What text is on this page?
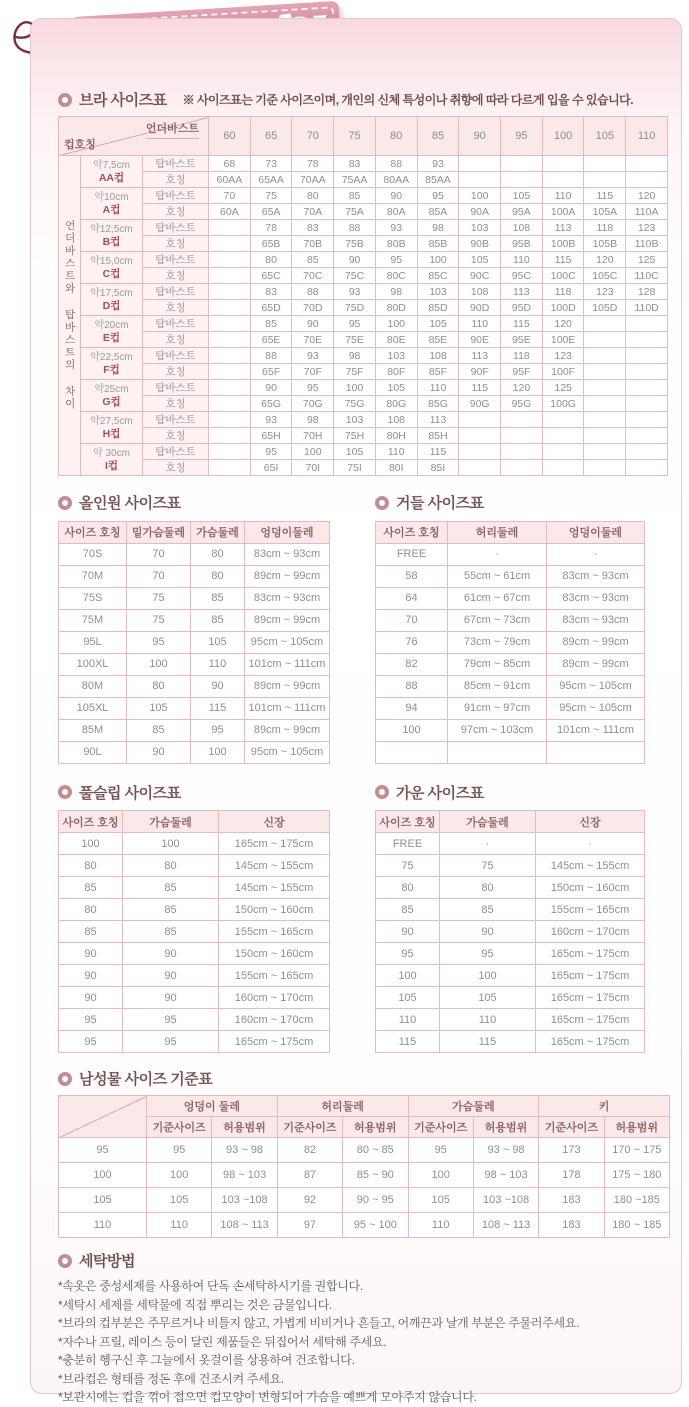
브라 사이즈표 ※ 사이즈표는 기준 사이즈이며, 개인의 신체 특성이나 취향에 따라 다르게 입을 수 있습니다.
언더바스트
컵호칭			60	65	70	75	80	85	90	95	100	105	110

언더바스트와 탑바스트의 차이	약7,5cm
AA컵	탑바스트	68	73	78	83	88	93					
		호칭	60AA	65AA	70AA	75AA	80AA	85AA					

	약10cm
A컵	탑바스트	70	75	80	85	90	95	100	105	110	115	120
		호칭	60A	65A	70A	75A	80A	85A	90A	95A	100A	105A	110A

	약12,5cm
B컵	탑바스트		78	83	88	93	98	103	108	113	118	123
		호칭		65B	70B	75B	80B	85B	90B	95B	100B	105B	110B

	약15,0cm
C컵	탑바스트		80	85	90	95	100	105	110	115	120	125
		호칭		65C	70C	75C	80C	85C	90C	95C	100C	105C	110C

	약17,5cm
D컵	탑바스트		83	88	93	98	103	108	113	118	123	128
		호칭		65D	70D	75D	80D	85D	90D	95D	100D	105D	110D

	약20cm
E컵	탑바스트		85	90	95	100	105	110	115	120		
		호칭		65E	70E	75E	80E	85E	90E	95E	100E		

	약22,5cm
F컵	탑바스트		88	93	98	103	108	113	118	123		
		호칭		65F	70F	75F	80F	85F	90F	95F	100F		

	약25cm
G컵	탑바스트		90	95	100	105	110	115	120	125		
		호칭		65G	70G	75G	80G	85G	90G	95G	100G		

	약27,5cm
H컵	탑바스트		93	98	103	108	113					
		호칭		65H	70H	75H	80H	85H					

	약 30cm
I컵	탑바스트		95	100	105	110	115					
		호칭		65I	70I	75I	80I	85I					
올인원 사이즈표	거들 사이즈표
사이즈 호칭	밑가슴둘레	가슴둘레	엉덩이둘레
70S	70	80	83cm ~ 93cm
70M	70	80	89cm ~ 99cm
75S	75	85	83cm ~ 93cm
75M	75	85	89cm ~ 99cm
95L	95	105	95cm ~ 105cm
100XL	100	110	101cm ~ 111cm
80M	80	90	89cm ~ 99cm
105XL	105	115	101cm ~ 111cm
85M	85	95	89cm ~ 99cm
90L	90	100	95cm ~ 105cm
사이즈 호칭	허리둘레	엉덩이둘레
FREE	·	·
58	55cm ~ 61cm	83cm ~ 93cm
64	61cm ~ 67cm	83cm ~ 93cm
70	67cm ~ 73cm	83cm ~ 93cm
76	73cm ~ 79cm	89cm ~ 99cm
82	79cm ~ 85cm	89cm ~ 99cm
88	85cm ~ 91cm	95cm ~ 105cm
94	91cm ~ 97cm	95cm ~ 105cm
100	97cm ~ 103cm	101cm ~ 111cm

풀슬립 사이즈표	가운 사이즈표
사이즈 호칭	가슴둘레	신장
100	100	165cm ~ 175cm
80	80	145cm ~ 155cm
85	85	145cm ~ 155cm
80	85	150cm ~ 160cm
85	85	155cm ~ 165cm
90	90	150cm ~ 160cm
90	90	155cm ~ 165cm
90	90	160cm ~ 170cm
95	95	160cm ~ 170cm
95	95	165cm ~ 175cm
사이즈 호칭	가슴둘레	신장
FREE	·	·
75	75	145cm ~ 155cm
80	80	150cm ~ 160cm
85	85	155cm ~ 165cm
90	90	160cm ~ 170cm
95	95	165cm ~ 175cm
100	100	165cm ~ 175cm
105	105	165cm ~ 175cm
110	110	165cm ~ 175cm
115	115	165cm ~ 175cm
남성물 사이즈 기준표
	엉덩이 둘레		허리둘레		가슴둘레		키	
	기준사이즈	허용범위	기준사이즈	허용범위	기준사이즈	허용범위	기준사이즈	허용범위
95	95	93 ~ 98	82	80 ~ 85	95	93 ~ 98	173	170 ~ 175
100	100	98 ~ 103	87	85 ~ 90	100	98 ~ 103	178	175 ~ 180
105	105	103 ~108	92	90 ~ 95	105	103 ~108	183	180 ~185
110	110	108 ~ 113	97	95 ~ 100	110	108 ~ 113	183	180 ~ 185
세탁방법

*속옷은 중성세제를 사용하여 단독 손세탁하시기를 권합니다.

*세탁시 세제를 세탁물에 직접 뿌리는 것은 금물입니다.

*브라의 컵부분은 주무르거나 비틀지 않고, 가볍게 비비거나 흔들고, 어깨끈과 날개 부분은 주물러주세요.

*자수나 프릴, 레이스 등이 달린 제품들은 뒤집어서 세탁해 주세요.

*충분히 헹구신 후 그늘에서 옷걸이를 상용하여 건조합니다.

*브라컵은 형태를 정돈 후에 건조시켜 주세요.

*보관시에는 컵을 꺾어 접으면 컵모양이 변형되어 가슴을 예쁘게 모아주지 않습니다.
